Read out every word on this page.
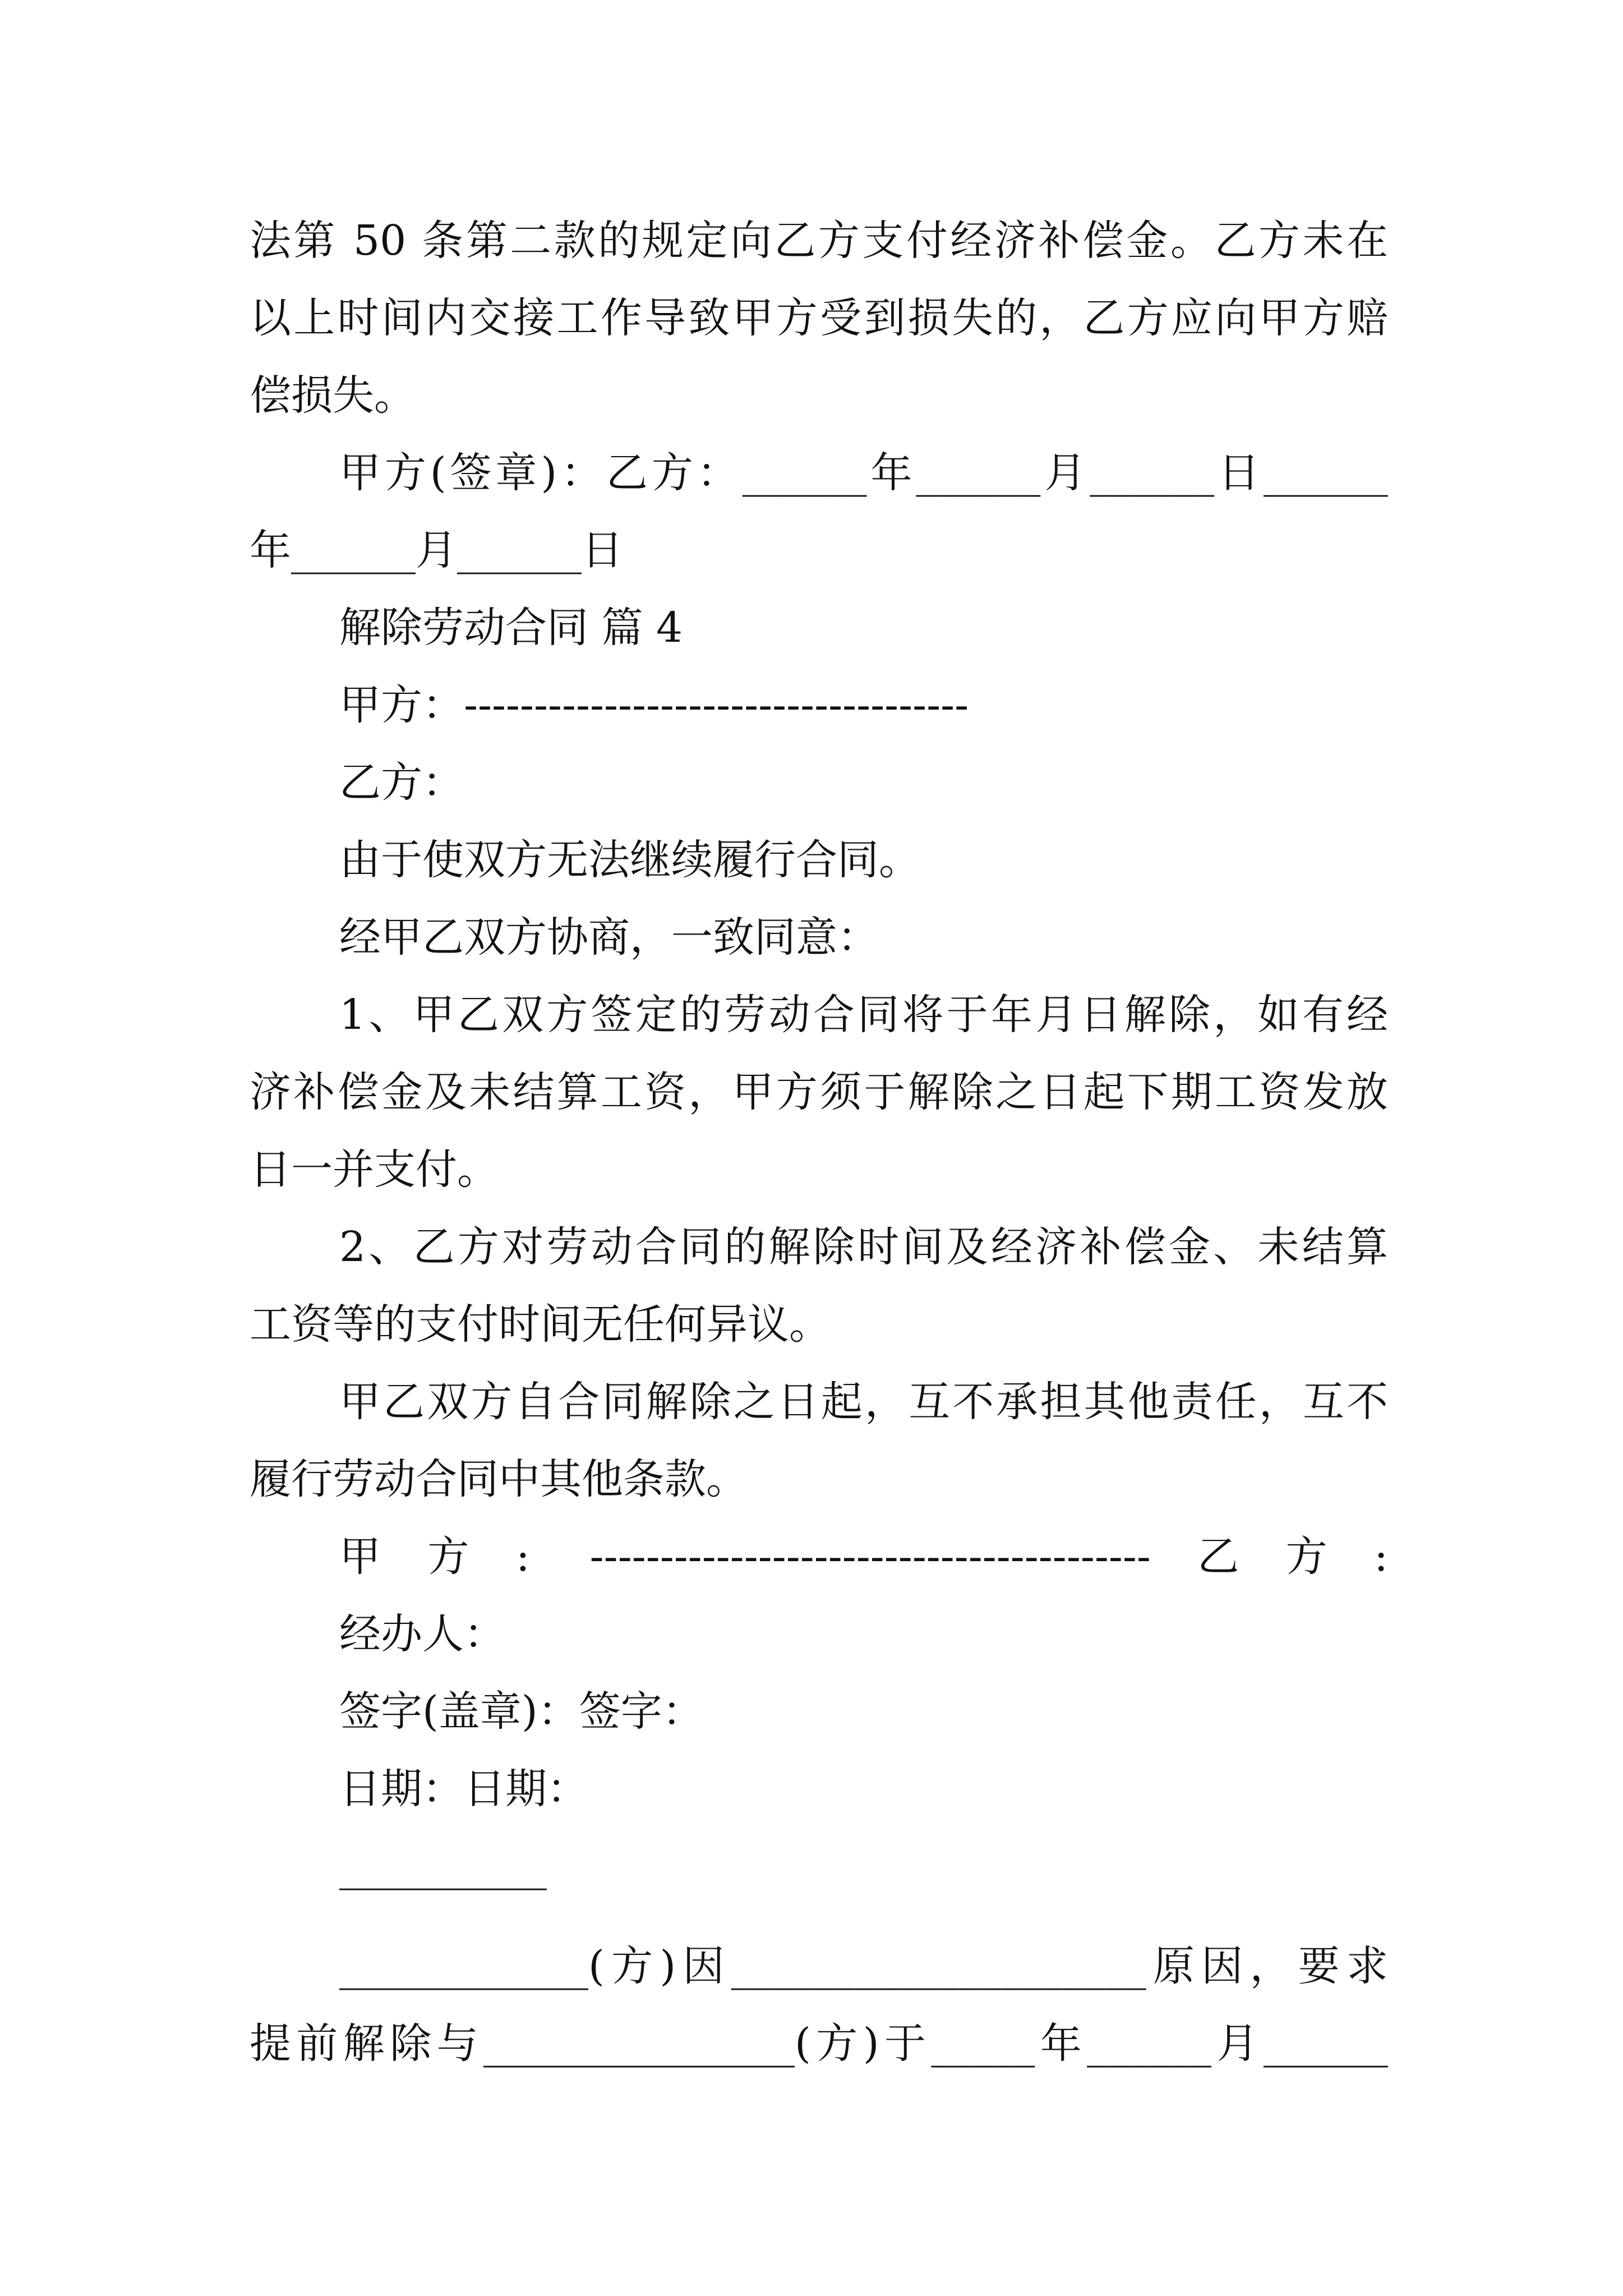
法第 50 条第二款的规定向乙方支付经济补偿金。乙方未在
以上时间内交接工作导致甲方受到损失的，乙方应向甲方赔
偿损失。
甲方(签章)：乙方：______年______月______日______
年______月______日
解除劳动合同 篇 4
甲方：------------------------------------
乙方：
由于使双方无法继续履行合同。
经甲乙双方协商，一致同意：
1、甲乙双方签定的劳动合同将于年月日解除，如有经
济补偿金及未结算工资，甲方须于解除之日起下期工资发放
日一并支付。
2、乙方对劳动合同的解除时间及经济补偿金、未结算
工资等的支付时间无任何异议。
甲乙双方自合同解除之日起，互不承担其他责任，互不
履行劳动合同中其他条款。
甲方: ----------------------------------------乙方:
经办人：
签字(盖章)：签字：
日期：日期：
__________
____________(方)因____________________原因，要求
提前解除与_______________(方)于_____年______月______
